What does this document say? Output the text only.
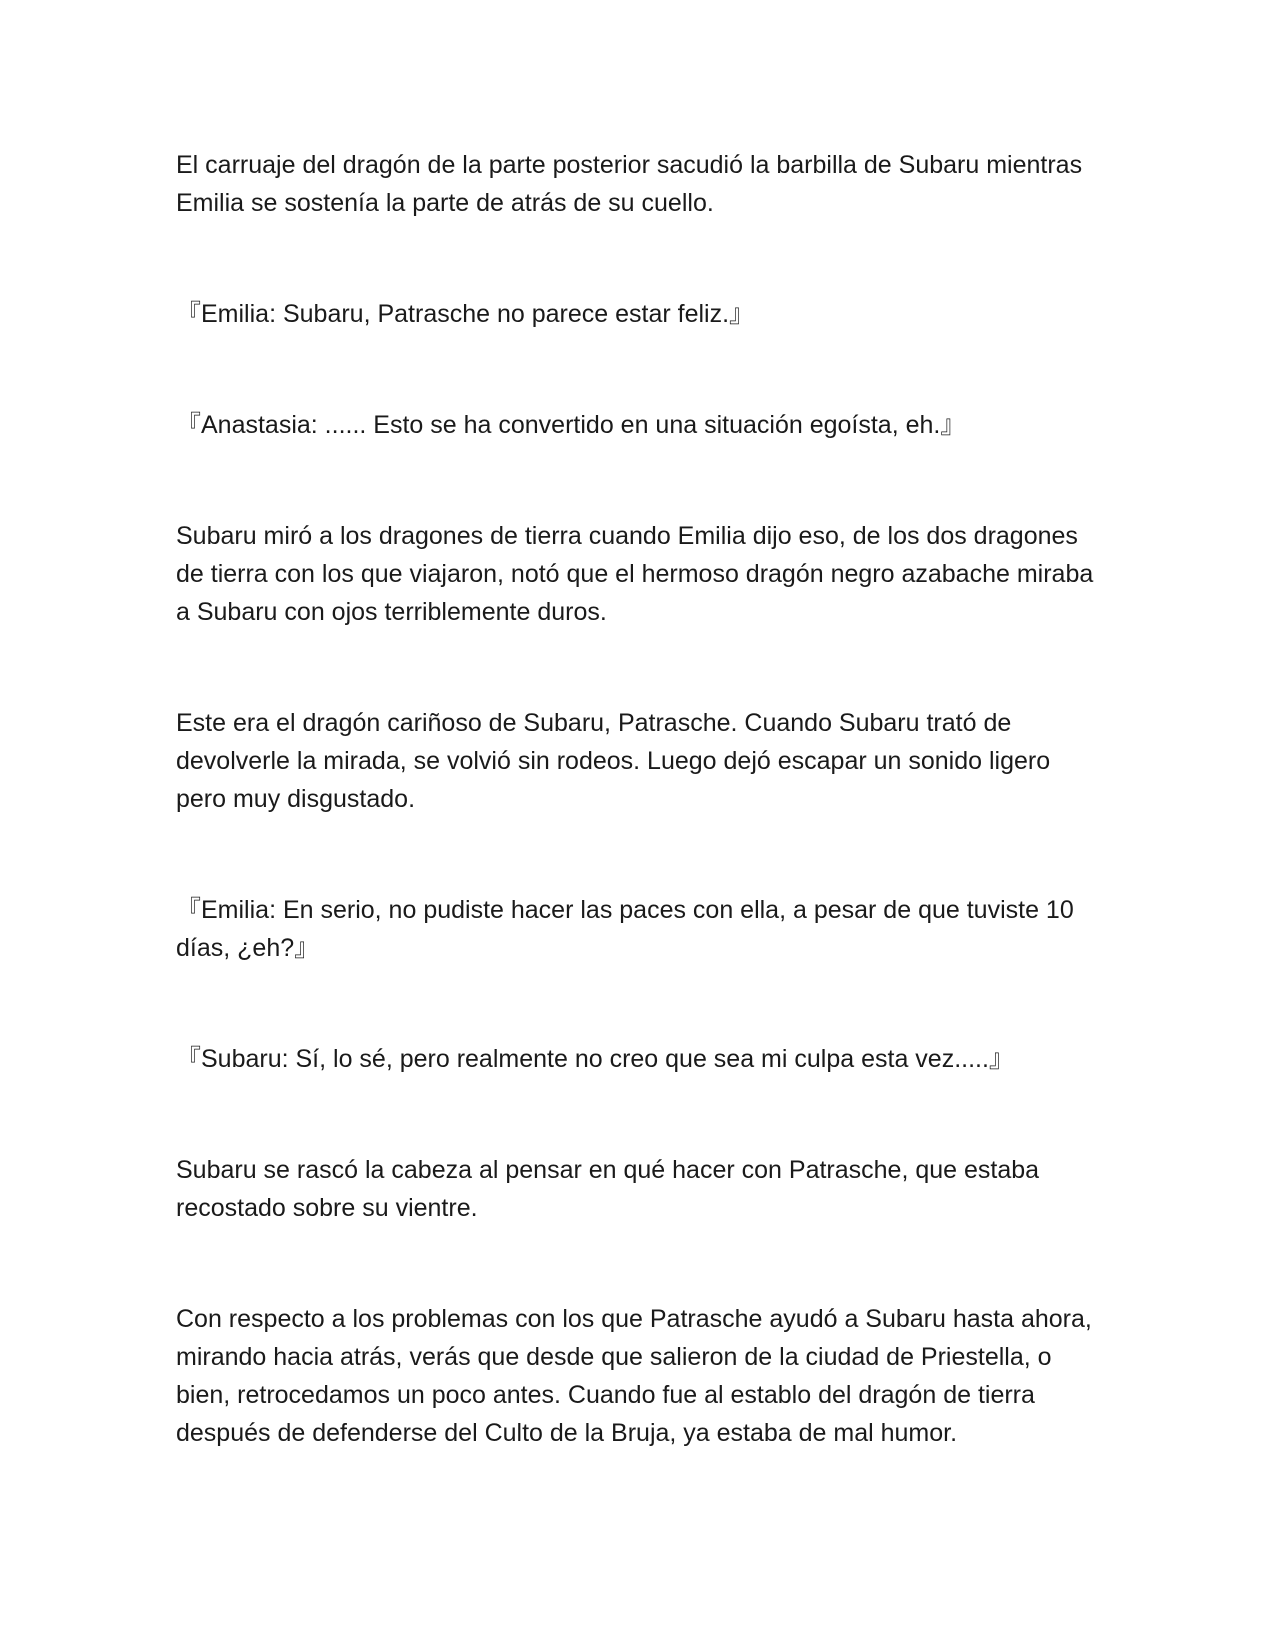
El carruaje del dragón de la parte posterior sacudió la barbilla de Subaru mientras Emilia se sostenía la parte de atrás de su cuello.

『Emilia: Subaru, Patrasche no parece estar feliz.』

『Anastasia: ...... Esto se ha convertido en una situación egoísta, eh.』

Subaru miró a los dragones de tierra cuando Emilia dijo eso, de los dos dragones de tierra con los que viajaron, notó que el hermoso dragón negro azabache miraba a Subaru con ojos terriblemente duros.

Este era el dragón cariñoso de Subaru, Patrasche. Cuando Subaru trató de devolverle la mirada, se volvió sin rodeos. Luego dejó escapar un sonido ligero pero muy disgustado.

『Emilia: En serio, no pudiste hacer las paces con ella, a pesar de que tuviste 10 días, ¿eh?』

『Subaru: Sí, lo sé, pero realmente no creo que sea mi culpa esta vez.....』

Subaru se rascó la cabeza al pensar en qué hacer con Patrasche, que estaba recostado sobre su vientre.

Con respecto a los problemas con los que Patrasche ayudó a Subaru hasta ahora, mirando hacia atrás, verás que desde que salieron de la ciudad de Priestella, o bien, retrocedamos un poco antes. Cuando fue al establo del dragón de tierra después de defenderse del Culto de la Bruja, ya estaba de mal humor.
